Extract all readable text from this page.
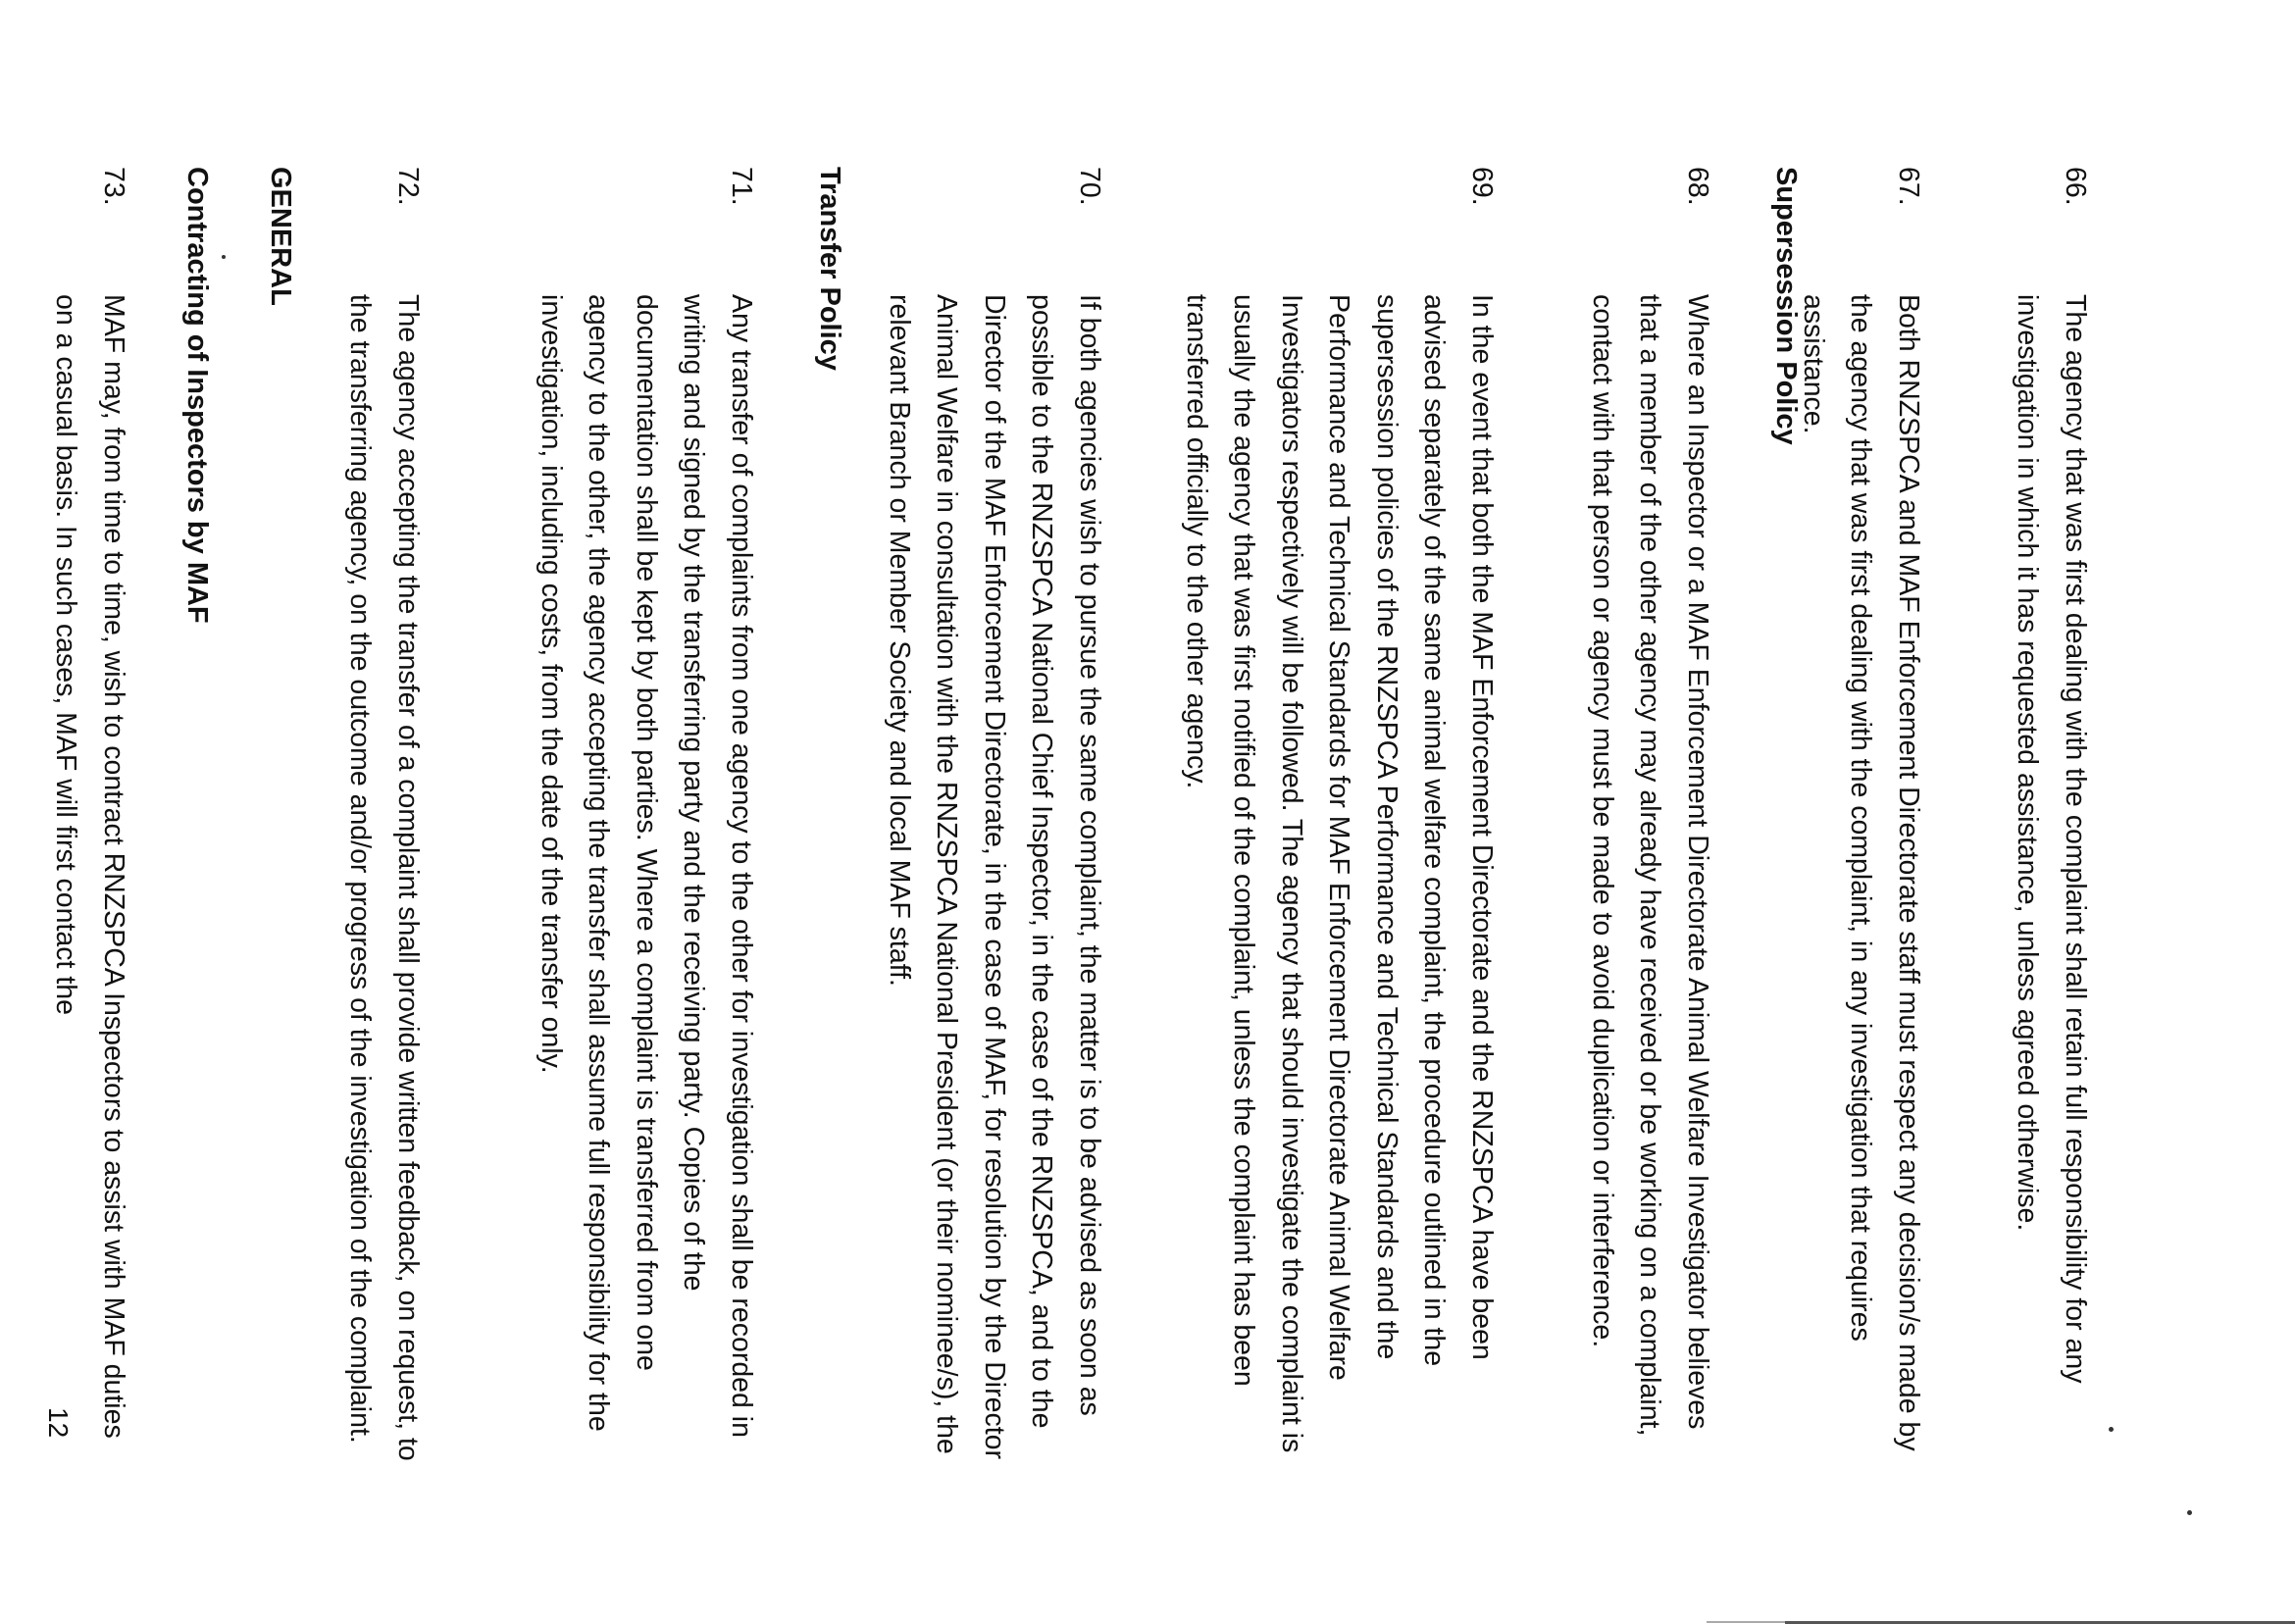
66.
The agency that was first dealing with the complaint shall retain full responsibility for any investigation in which it has requested assistance, unless agreed otherwise.
67.
Both RNZSPCA and MAF Enforcement Directorate staff must respect any decision/s made by the agency that was first dealing with the complaint, in any investigation that requires assistance.
Supersession Policy
68.
Where an Inspector or a MAF Enforcement Directorate Animal Welfare Investigator believes that a member of the other agency may already have received or be working on a complaint, contact with that person or agency must be made to avoid duplication or interference.
69.
In the event that both the MAF Enforcement Directorate and the RNZSPCA have been advised separately of the same animal welfare complaint, the procedure outlined in the supersession policies of the RNZSPCA Performance and Technical Standards and the Performance and Technical Standards for MAF Enforcement Directorate Animal Welfare Investigators respectively will be followed. The agency that should investigate the complaint is usually the agency that was first notified of the complaint, unless the complaint has been transferred officially to the other agency.
70.
If both agencies wish to pursue the same complaint, the matter is to be advised as soon as possible to the RNZSPCA National Chief Inspector, in the case of the RNZSPCA, and to the Director of the MAF Enforcement Directorate, in the case of MAF, for resolution by the Director Animal Welfare in consultation with the RNZSPCA National President (or their nominee/s), the relevant Branch or Member Society and local MAF staff.
Transfer Policy
71.
Any transfer of complaints from one agency to the other for investigation shall be recorded in writing and signed by the transferring party and the receiving party. Copies of the documentation shall be kept by both parties. Where a complaint is transferred from one agency to the other, the agency accepting the transfer shall assume full responsibility for the investigation, including costs, from the date of the transfer only.
72.
The agency accepting the transfer of a complaint shall provide written feedback, on request, to the transferring agency, on the outcome and/or progress of the investigation of the complaint.
GENERAL
Contracting of Inspectors by MAF
73.
MAF may, from time to time, wish to contract RNZSPCA Inspectors to assist with MAF duties on a casual basis. In such cases, MAF will first contact the
12
